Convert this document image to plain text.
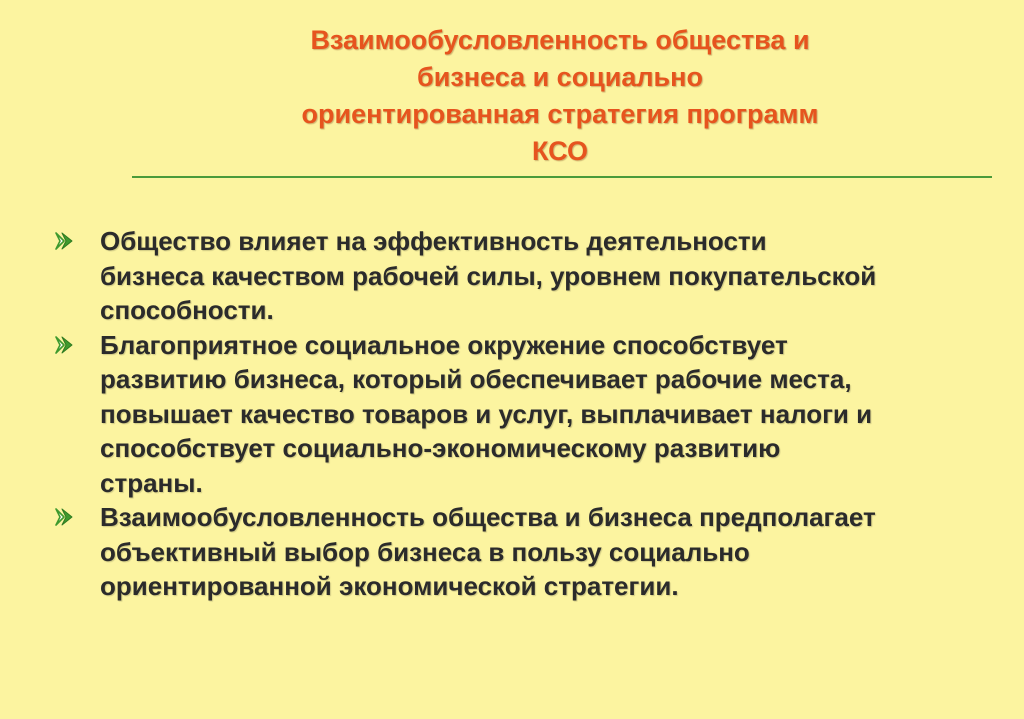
Взаимообусловленность общества и
бизнеса и социально
ориентированная стратегия программ
КСО
Общество влияет на эффективность деятельности
бизнеса качеством рабочей силы, уровнем покупательской
способности.
Благоприятное социальное окружение способствует
развитию бизнеса, который обеспечивает рабочие места,
повышает качество товаров и услуг, выплачивает налоги и
способствует социально-экономическому развитию
страны.
Взаимообусловленность общества и бизнеса предполагает
объективный выбор бизнеса в пользу социально
ориентированной экономической стратегии.
